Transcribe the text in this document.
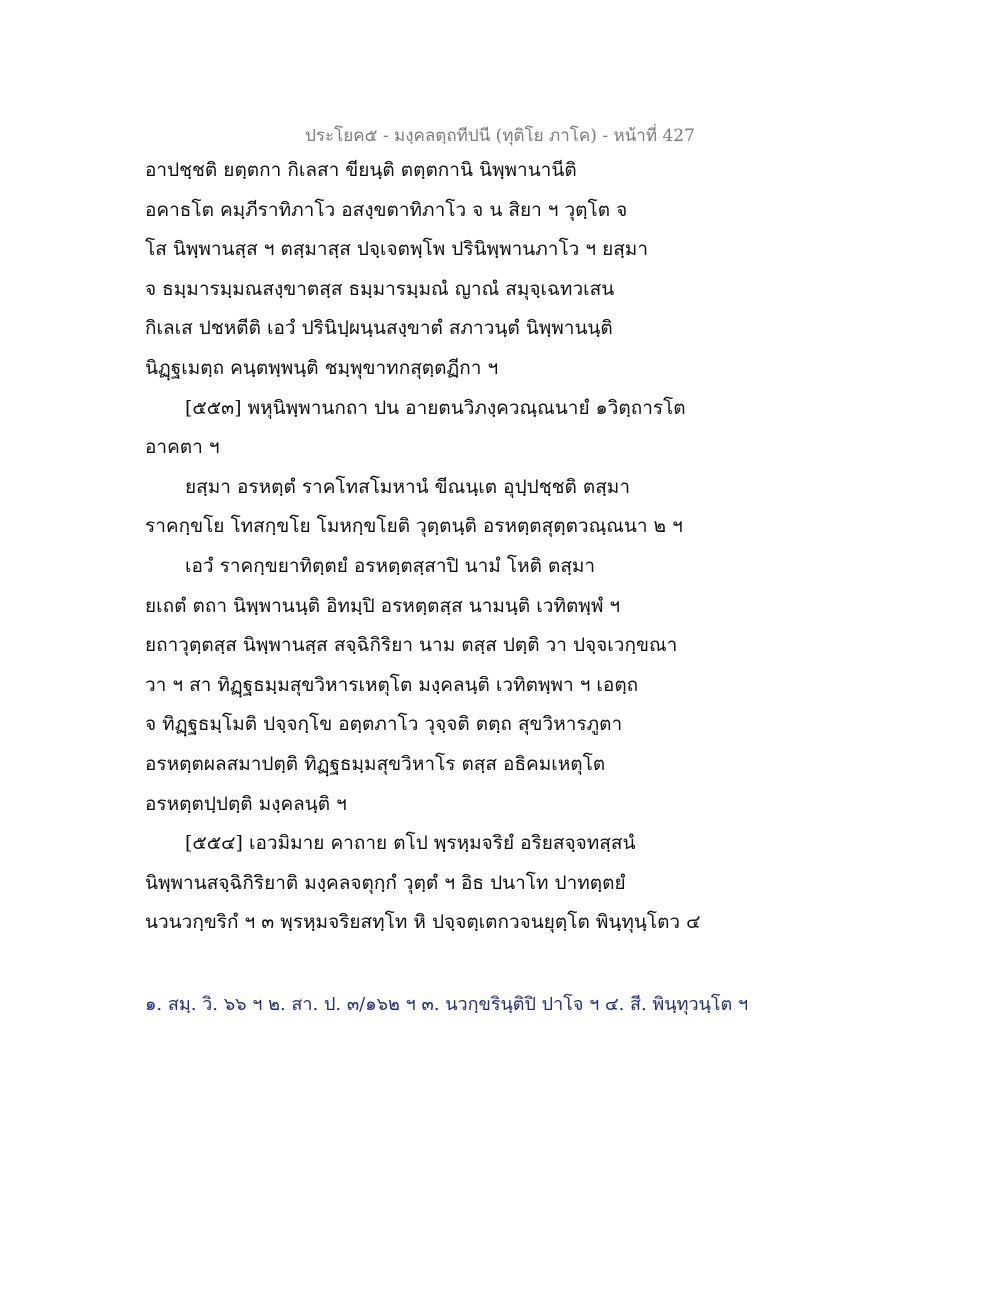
ประโยค๕ - มงฺคลตฺถทีปนี (ทุติโย ภาโค) - หน้าที่ 427
อาปชฺชติ ยตฺตกา กิเลสา ขียนฺติ ตตฺตกานิ นิพฺพานานีติ
อคาธโต คมฺภีราทิภาโว อสงฺขตาทิภาโว จ น สิยา ฯ วุตฺโต จ
โส นิพฺพานสฺส ฯ ตสฺมาสฺส ปจฺเจตพฺโพ ปรินิพฺพานภาโว ฯ ยสฺมา
จ ธมฺมารมฺมณสงฺขาตสฺส ธมฺมารมฺมณํ ญาณํ สมุจฺเฉทวเสน
กิเลเส ปชหตีติ เอวํ ปรินิปฺผนฺนสงฺขาตํ สภาวนฺตํ นิพฺพานนฺติ
นิฏฺฐเมตฺถ คนฺตพฺพนฺติ ชมฺพุขาทกสุตฺตฏีกา ฯ
[๕๕๓] พหุนิพฺพานกถา ปน อายตนวิภงฺควณฺณนายํ ๑วิตฺถารโต
อาคตา ฯ
ยสฺมา อรหตฺตํ ราคโทสโมหานํ ขีณนฺเต อุปฺปชฺชติ ตสฺมา
ราคกฺขโย โทสกฺขโย โมหกฺขโยติ วุตฺตนฺติ อรหตฺตสุตฺตวณฺณนา ๒ ฯ
เอวํ ราคกฺขยาทิตฺตยํ อรหตฺตสฺสาปิ นามํ โหติ ตสฺมา
ยเถตํ ตถา นิพฺพานนฺติ อิทมฺปิ อรหตฺตสฺส นามนฺติ เวทิตพฺพํ ฯ
ยถาวุตฺตสฺส นิพฺพานสฺส สจฺฉิกิริยา นาม ตสฺส ปตฺติ วา ปจฺจเวกฺขณา
วา ฯ สา ทิฏฺฐธมฺมสุขวิหารเหตุโต มงฺคลนฺติ เวทิตพฺพา ฯ เอตฺถ
จ ทิฏฺฐธมฺโมติ ปจฺจกฺโข อตฺตภาโว วุจฺจติ ตตฺถ สุขวิหารภูตา
อรหตฺตผลสมาปตฺติ ทิฏฺฐธมฺมสุขวิหาโร ตสฺส อธิคมเหตุโต
อรหตฺตปฺปตฺติ มงฺคลนฺติ ฯ
[๕๕๔] เอวมิมาย คาถาย ตโป พฺรหฺมจริยํ อริยสจฺจทสฺสนํ
นิพฺพานสจฺฉิกิริยาติ มงฺคลจตุกฺกํ วุตฺตํ ฯ อิธ ปนาโท ปาทตฺตยํ
นวนวกฺขริกํ ฯ ๓ พฺรหฺมจริยสทฺโท หิ ปจฺจตฺเตกวจนยุตฺโต พินฺทุนฺโตว ๔
๑. สมฺ. วิ. ๖๖ ฯ ๒. สา. ป. ๓/๑๖๒ ฯ ๓. นวกฺขรินฺติปิ ปาโจ ฯ ๔. สี. พินฺทุวนฺโต ฯ
